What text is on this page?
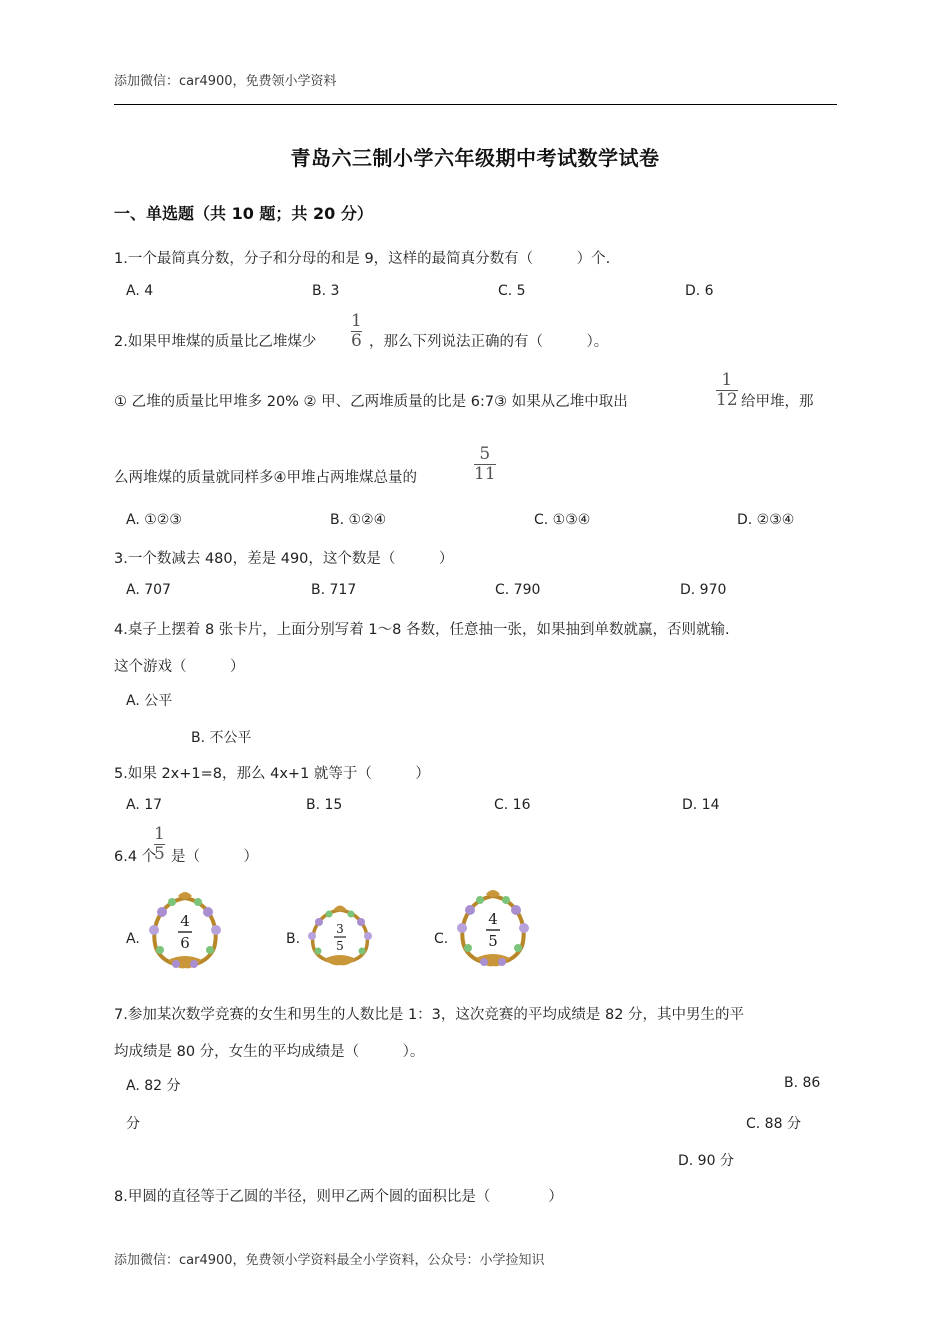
添加微信：car4900，免费领小学资料
青岛六三制小学六年级期中考试数学试卷
一、单选题（共 10 题；共 20 分）
1.一个最简真分数，分子和分母的和是 9，这样的最简真分数有（　　　）个.
A. 4	B. 3	C. 5	D. 6
2.如果甲堆煤的质量比乙堆煤少
1
6 ，那么下列说法正确的有（　　　）。
① 乙堆的质量比甲堆多 20% ② 甲、乙两堆质量的比是 6:7③ 如果从乙堆中取出
1
12 给甲堆，那
么两堆煤的质量就同样多④甲堆占两堆煤总量的
5
11
A. ①②③	B. ①②④	C. ①③④	D. ②③④
3.一个数减去 480，差是 490，这个数是（　　　）
A. 707	B. 717	C. 790	D. 970
4.桌子上摆着 8 张卡片，上面分别写着 1～8 各数，任意抽一张，如果抽到单数就赢，否则就输.
这个游戏（　　　）
A. 公平
B. 不公平
5.如果 2x+1=8，那么 4x+1 就等于（　　　）
A. 17	B. 15	C. 16	D. 14
6.4 个
1
5 是（　　　）
A.
4
6	B.
3
5	C.
4
5
7.参加某次数学竞赛的女生和男生的人数比是 1：3，这次竞赛的平均成绩是 82 分，其中男生的平
均成绩是 80 分，女生的平均成绩是（　　　）。
A. 82 分	B. 86
分	C. 88 分
D. 90 分
8.甲圆的直径等于乙圆的半径，则甲乙两个圆的面积比是（　　　　）
添加微信：car4900，免费领小学资料最全小学资料，公众号：小学捡知识
